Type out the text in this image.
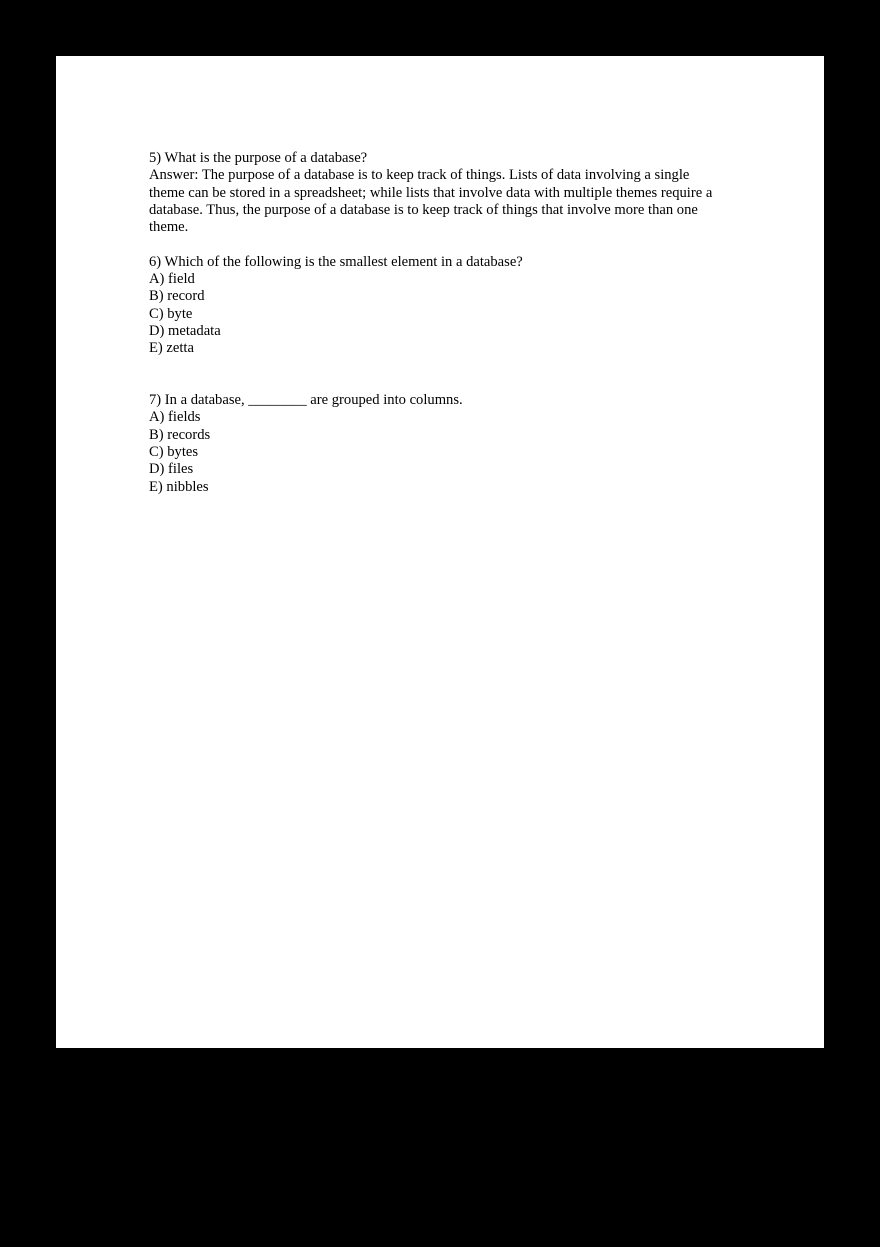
5) What is the purpose of a database?

Answer: The purpose of a database is to keep track of things. Lists of data involving a single

theme can be stored in a spreadsheet; while lists that involve data with multiple themes require a

database. Thus, the purpose of a database is to keep track of things that involve more than one

theme.

6) Which of the following is the smallest element in a database?

A) field

B) record

C) byte

D) metadata

E) zetta

7) In a database, ________ are grouped into columns.

A) fields

B) records

C) bytes

D) files

E) nibbles
